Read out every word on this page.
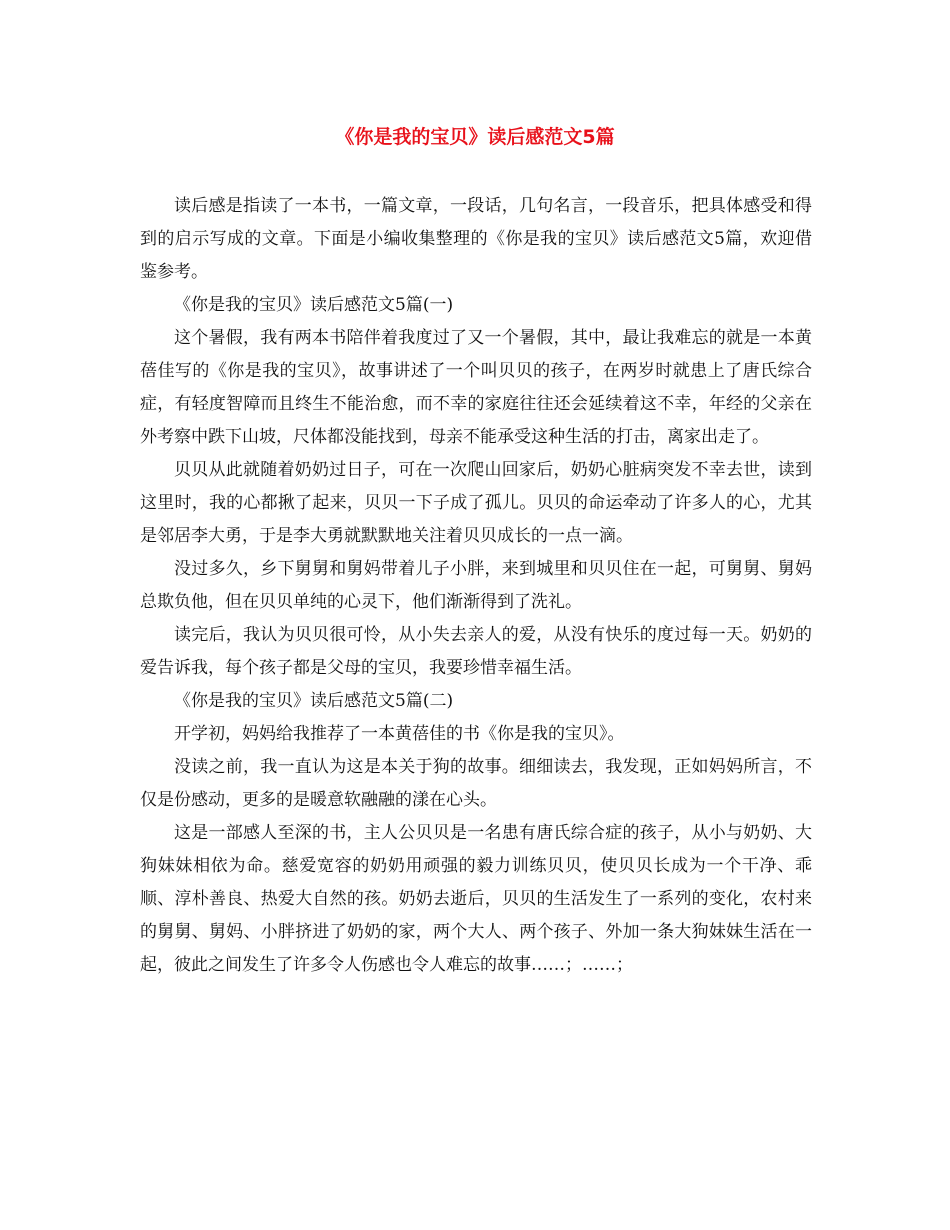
《你是我的宝贝》读后感范文5篇

读后感是指读了一本书，一篇文章，一段话，几句名言，一段音乐，把具体感受和得到的启示写成的文章。下面是小编收集整理的《你是我的宝贝》读后感范文5篇，欢迎借鉴参考。

《你是我的宝贝》读后感范文5篇(一)

这个暑假，我有两本书陪伴着我度过了又一个暑假，其中，最让我难忘的就是一本黄蓓佳写的《你是我的宝贝》，故事讲述了一个叫贝贝的孩子，在两岁时就患上了唐氏综合症，有轻度智障而且终生不能治愈，而不幸的家庭往往还会延续着这不幸，年经的父亲在外考察中跌下山坡，尺体都没能找到，母亲不能承受这种生活的打击，离家出走了。

贝贝从此就随着奶奶过日子，可在一次爬山回家后，奶奶心脏病突发不幸去世，读到这里时，我的心都揪了起来，贝贝一下子成了孤儿。贝贝的命运牵动了许多人的心，尤其是邻居李大勇，于是李大勇就默默地关注着贝贝成长的一点一滴。

没过多久，乡下舅舅和舅妈带着儿子小胖，来到城里和贝贝住在一起，可舅舅、舅妈总欺负他，但在贝贝单纯的心灵下，他们渐渐得到了洗礼。

读完后，我认为贝贝很可怜，从小失去亲人的爱，从没有快乐的度过每一天。奶奶的爱告诉我，每个孩子都是父母的宝贝，我要珍惜幸福生活。

《你是我的宝贝》读后感范文5篇(二)

开学初，妈妈给我推荐了一本黄蓓佳的书《你是我的宝贝》。

没读之前，我一直认为这是本关于狗的故事。细细读去，我发现，正如妈妈所言，不仅是份感动，更多的是暖意软融融的漾在心头。

这是一部感人至深的书，主人公贝贝是一名患有唐氏综合症的孩子，从小与奶奶、大狗妹妹相依为命。慈爱宽容的奶奶用顽强的毅力训练贝贝，使贝贝长成为一个干净、乖顺、淳朴善良、热爱大自然的孩。奶奶去逝后，贝贝的生活发生了一系列的变化，农村来的舅舅、舅妈、小胖挤进了奶奶的家，两个大人、两个孩子、外加一条大狗妹妹生活在一起，彼此之间发生了许多令人伤感也令人难忘的故事……；……；
